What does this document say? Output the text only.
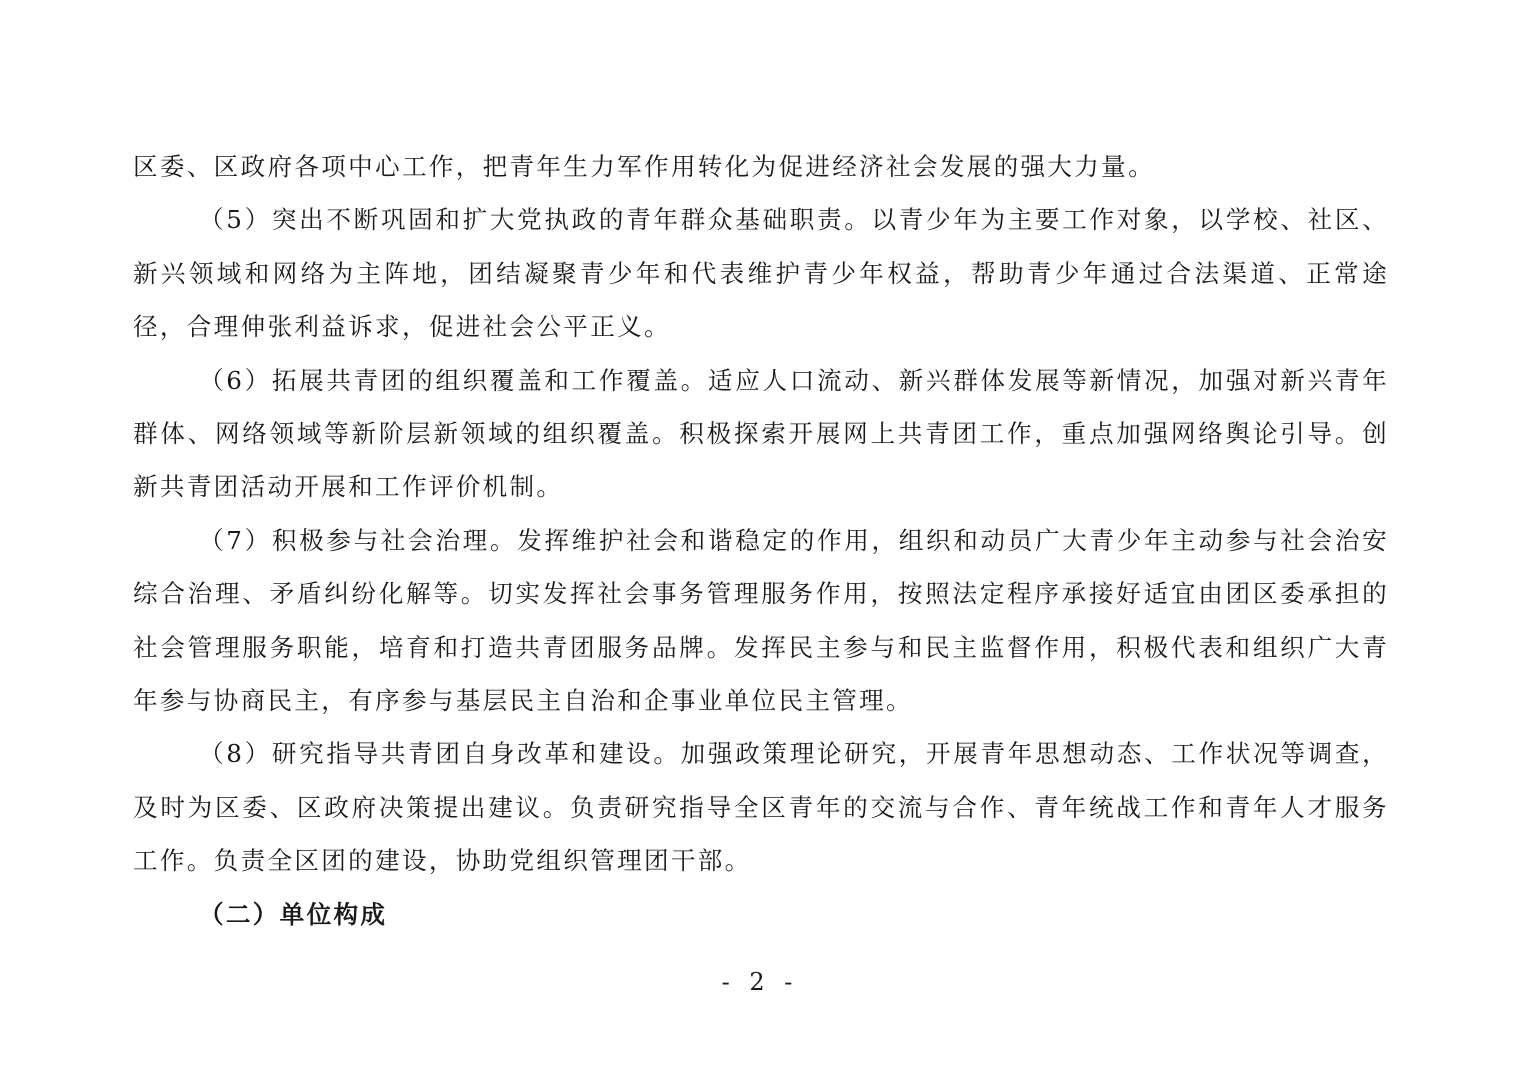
区委、区政府各项中心工作，把青年生力军作用转化为促进经济社会发展的强大力量。

（5）突出不断巩固和扩大党执政的青年群众基础职责。以青少年为主要工作对象，以学校、社区、新兴领域和网络为主阵地，团结凝聚青少年和代表维护青少年权益，帮助青少年通过合法渠道、正常途径，合理伸张利益诉求，促进社会公平正义。

（6）拓展共青团的组织覆盖和工作覆盖。适应人口流动、新兴群体发展等新情况，加强对新兴青年群体、网络领域等新阶层新领域的组织覆盖。积极探索开展网上共青团工作，重点加强网络舆论引导。创新共青团活动开展和工作评价机制。

（7）积极参与社会治理。发挥维护社会和谐稳定的作用，组织和动员广大青少年主动参与社会治安综合治理、矛盾纠纷化解等。切实发挥社会事务管理服务作用，按照法定程序承接好适宜由团区委承担的社会管理服务职能，培育和打造共青团服务品牌。发挥民主参与和民主监督作用，积极代表和组织广大青年参与协商民主，有序参与基层民主自治和企事业单位民主管理。

（8）研究指导共青团自身改革和建设。加强政策理论研究，开展青年思想动态、工作状况等调查，及时为区委、区政府决策提出建议。负责研究指导全区青年的交流与合作、青年统战工作和青年人才服务工作。负责全区团的建设，协助党组织管理团干部。

（二）单位构成

- 2 -
